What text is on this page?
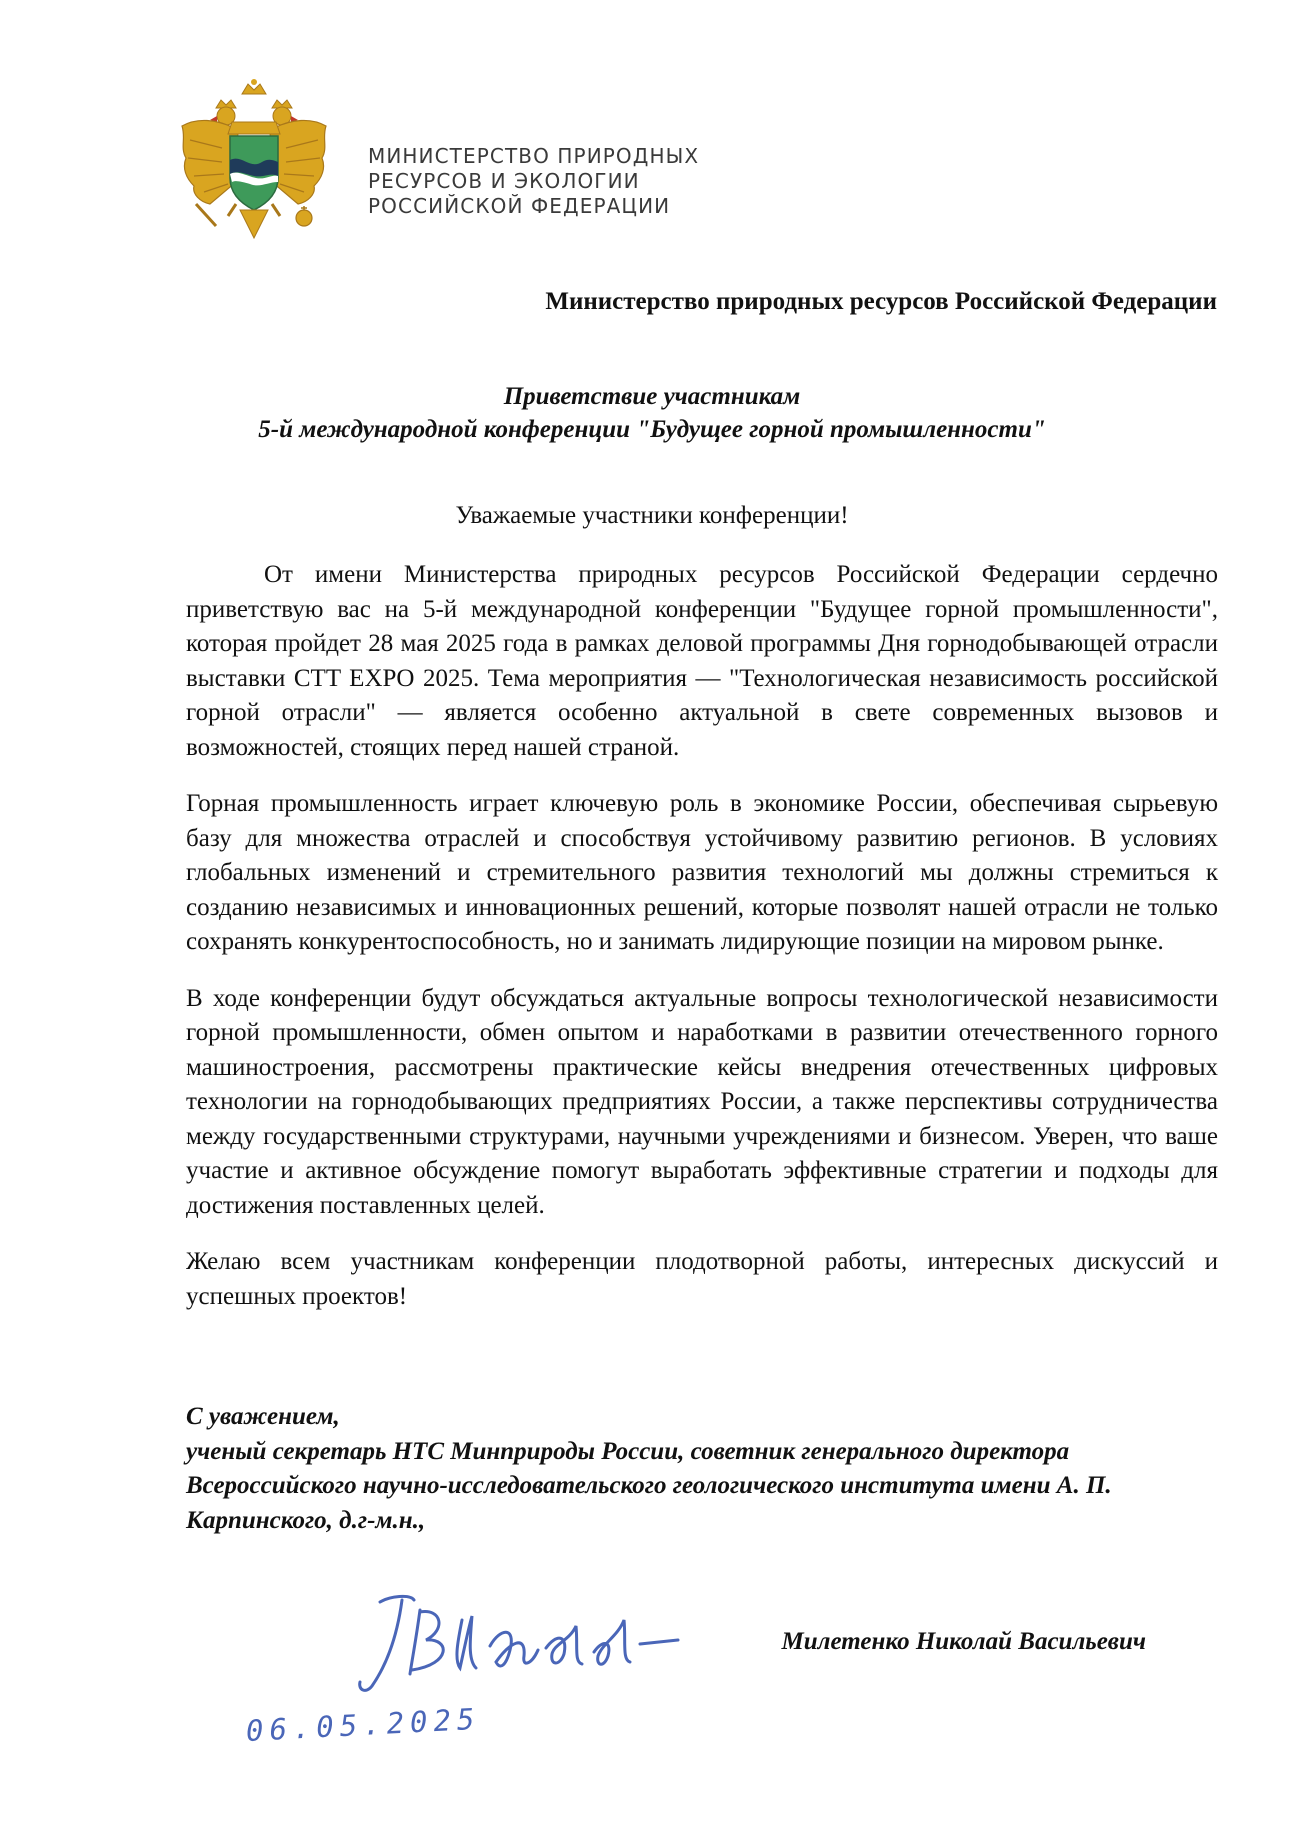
МИНИСТЕРСТВО ПРИРОДНЫХ
РЕСУРСОВ И ЭКОЛОГИИ
РОССИЙСКОЙ ФЕДЕРАЦИИ
Министерство природных ресурсов Российской Федерации
Приветствие участникам
5-й международной конференции "Будущее горной промышленности"
Уважаемые участники конференции!

От имени Министерства природных ресурсов Российской Федерации сердечно приветствую вас на 5-й международной конференции "Будущее горной промышленности", которая пройдет 28 мая 2025 года в рамках деловой программы Дня горнодобывающей отрасли выставки CTT EXPO 2025. Тема мероприятия — "Технологическая независимость российской горной отрасли" — является особенно актуальной в свете современных вызовов и возможностей, стоящих перед нашей страной.

Горная промышленность играет ключевую роль в экономике России, обеспечивая сырьевую базу для множества отраслей и способствуя устойчивому развитию регионов. В условиях глобальных изменений и стремительного развития технологий мы должны стремиться к созданию независимых и инновационных решений, которые позволят нашей отрасли не только сохранять конкурентоспособность, но и занимать лидирующие позиции на мировом рынке.

В ходе конференции будут обсуждаться актуальные вопросы технологической независимости горной промышленности, обмен опытом и наработками в развитии отечественного горного машиностроения, рассмотрены практические кейсы внедрения отечественных цифровых технологии на горнодобывающих предприятиях России, а также перспективы сотрудничества между государственными структурами, научными учреждениями и бизнесом. Уверен, что ваше участие и активное обсуждение помогут выработать эффективные стратегии и подходы для достижения поставленных целей.

Желаю всем участникам конференции плодотворной работы, интересных дискуссий и успешных проектов!

С уважением,
ученый секретарь НТС Минприроды России, советник генерального директора
Всероссийского научно-исследовательского геологического института имени А. П.
Карпинского, д.г-м.н.,
Милетенко Николай Васильевич
06.05.2025
